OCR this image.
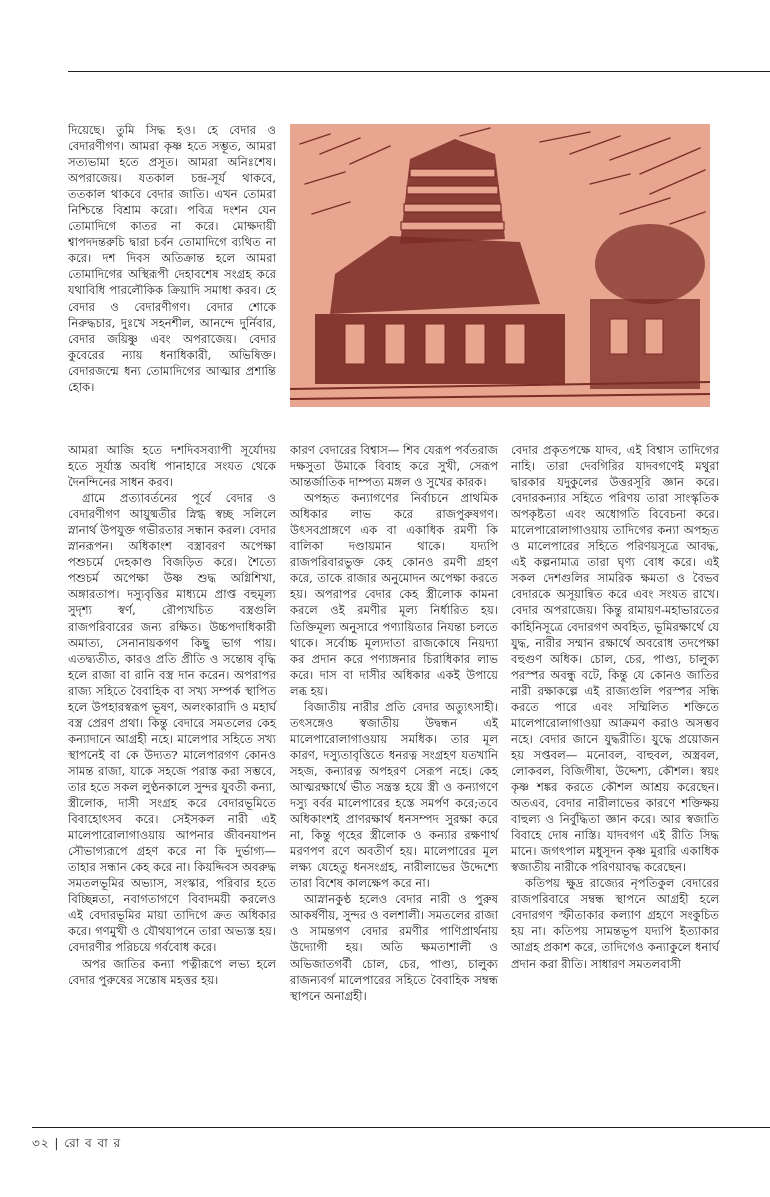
দিয়েছে। তুমি সিদ্ধ হও। হে বেদার ও বেদারণীগণ। আমরা কৃষ্ণ হতে সম্ভূত, আমরা সত্যভামা হতে প্রসূত। আমরা অনিঃশেষ। অপরাজেয়। যতকাল চন্দ্র-সূর্য থাকবে, ততকাল থাকবে বেদার জাতি। এখন তোমরা নিশ্চিন্তে বিশ্রাম করো। পবিত্র দংশন যেন তোমাদিগে কাতর না করে। মোক্ষদায়ী শ্বাপদদন্তরুচি দ্বারা চর্বন তোমাদিগে ব্যথিত না করে। দশ দিবস অতিক্রান্ত হলে আমরা তোমাদিগের অস্থিরূপী দেহাবশেষ সংগ্রহ করে যথাবিধি পারলৌকিক ক্রিয়াদি সমাধা করব। হে বেদার ও বেদারণীগণ। বেদার শোকে নিরুদ্ধচার, দুঃখে সহনশীল, আনন্দে দুর্নিবার, বেদার জয়িষ্ণু এবং অপরাজেয়। বেদার কুবেরের ন্যায় ধনাধিকারী, অভিষিক্ত। বেদারজন্মে ধন্য তোমাদিগের আত্মার প্রশান্তি হোক।

আমরা আজি হতে দশদিবসব্যাপী সূর্যোদয় হতে সূর্যাস্ত অবধি পানাহারে সংযত থেকে দৈনন্দিনের সাধন করব।

গ্রামে প্রত্যাবর্তনের পূর্বে বেদার ও বেদারণীগণ আয়ুষ্মতীর স্নিগ্ধ স্বচ্ছ সলিলে স্নানার্থ উপযুক্ত গভীরতার সন্ধান করল। বেদার স্নানরূপন। অধিকাংশ বস্ত্রাবরণ অপেক্ষা পশুচর্মে দেহকাণ্ড বিজড়িত করে। শৈত্যে পশুচর্ম অপেক্ষা উষ্ণ শুদ্ধ অগ্নিশিখা, অঙ্গারতাপ। দস্যুবৃত্তির মাধ্যমে প্রাপ্ত বহুমূল্য সুদৃশ্য স্বর্ণ, রৌপ্যখচিত বস্ত্রগুলি রাজপরিবারের জন্য রক্ষিত। উচ্চপদাধিকারী অমাত্য, সেনানায়কগণ কিছু ভাগ পায়। এতদ্ব্যতীত, কারও প্রতি প্রীতি ও সন্তোষ বৃদ্ধি হলে রাজা বা রানি বস্ত্র দান করেন। অপরাপর রাজ্য সহিতে বৈবাহিক বা সখ্য সম্পর্ক স্থাপিত হলে উপহারস্বরূপ ভূষণ, অলংকারাদি ও মহার্ঘ বস্ত্র প্রেরণ প্রথা। কিন্তু বেদারে সমতলের কেহ কন্যাদানে আগ্রহী নহে। মালেপার সহিতে সখ্য স্থাপনেই বা কে উদ্যত? মালেপারগণ কোনও সামন্ত রাজা, যাকে সহজে পরাস্ত করা সম্ভবে, তার হতে সকল লুণ্ঠনকালে সুন্দর যুবতী কন্যা, স্ত্রীলোক, দাসী সংগ্রহ করে বেদারভূমিতে বিবাহোৎসব করে। সেইসকল নারী এই মালেপারোলাগাওয়ায় আপনার জীবনযাপন সৌভাগ্যরূপে গ্রহণ করে না কি দুর্ভাগ্য— তাহার সন্ধান কেহ করে না। কিয়দ্দিবস অবরুদ্ধ সমতলভূমির অভ্যাস, সংস্কার, পরিবার হতে বিচ্ছিন্নতা, নবাগতাগণে বিবাদময়ী করলেও এই বেদারভূমির মায়া তাদিগে ক্রত অধিকার করে। গণমুখী ও যৌথযাপনে তারা অভ্যস্ত হয়। বেদারণীর পরিচয়ে গর্ববোধ করে।

অপর জাতির কন্যা পত্নীরূপে লভ্য হলে বেদার পুরুষের সন্তোষ মহত্তর হয়।

কারণ বেদারের বিশ্বাস— শিব যেরূপ পর্বতরাজ দক্ষসুতা উমাকে বিবাহ করে সুখী, সেরূপ আন্তর্জাতিক দাম্পত্য মঙ্গল ও সুখের কারক।

অপহৃত কন্যাগণের নির্বাচনে প্রাথমিক অধিকার লাভ করে রাজপুরুষগণ। উৎসবপ্রাঙ্গণে এক বা একাধিক রমণী কি বালিকা দণ্ডায়মান থাকে। যদ্যপি রাজপরিবারভুক্ত কেহ কোনও রমণী গ্রহণ করে, তাকে রাজার অনুমোদন অপেক্ষা করতে হয়। অপরাপর বেদার কেহ স্ত্রীলোক কামনা করলে ওই রমণীর মূল্য নির্ধারিত হয়। তিক্তিমূল্য অনুসারে পণ্যায়িতার নিযন্তা চলতে থাকে। সর্বোচ্চ মূল্যদাতা রাজকোষে নিয়দ্যা কর প্রদান করে পণ্যাঙ্গনার চিরাধিকার লাভ করে। দাস বা দাসীর অধিকার একই উপায়ে লব্ধ হয়।

বিজাতীয় নারীর প্রতি বেদার অত্যুৎসাহী। তৎসঙ্গেও স্বজাতীয় উদ্বন্ধন এই মালেপারোলাগাওয়ায় সমধিক। তার মূল কারণ, দস্যুতাবৃত্তিতে ধনরত্ন সংগ্রহণ যতখানি সহজ, কন্যারত্ন অপহরণ সেরূপ নহে। কেহ আত্মরক্ষার্থে ভীত সন্ত্রস্ত হয়ে স্ত্রী ও কন্যাগণে দস্যু বর্বর মালেপারের হস্তে সমর্পণ করে;তবে অধিকাংশই প্রাণরক্ষার্থ ধনসম্পদ সুরক্ষা করে না, কিন্তু গৃহের স্ত্রীলোক ও কন্যার রক্ষণার্থ মরণপণ রণে অবতীর্ণ হয়। মালেপারের মূল লক্ষ্য যেহেতু ধনসংগ্রহ, নারীলাভের উদ্দেশ্যে তারা বিশেষ কালক্ষেপ করে না।

আস্নানকুণ্ঠ হলেও বেদার নারী ও পুরুষ আকর্ষণীয়, সুন্দর ও বলশালী। সমতলের রাজা ও সামন্তগণ বেদার রমণীর পাণিপ্রার্থনায় উদ্যোগী হয়। অতি ক্ষমতাশালী ও অভিজাতগর্বী চোল, চের, পাণ্ড্য, চালুক্য রাজন্যবর্গ মালেপারের সহিতে বৈবাহিক সম্বন্ধ স্থাপনে অনাগ্রহী।

বেদার প্রকৃতপক্ষে যাদব, এই বিশ্বাস তাদিগের নাহি। তারা দেবগিরির যাদবগণেই মথুরা দ্বারকার যদুকুলের উত্তরসূরি জ্ঞান করে। বেদারকন্যার সহিতে পরিণয় তারা সাংস্কৃতিক অপকৃষ্টতা এবং অধোগতি বিবেচনা করে। মালেপারোলাগাওয়ায় তাদিগের কন্যা অপহৃত ও মালেপারের সহিতে পরিণয়সূত্রে আবদ্ধ, এই কল্পনামাত্র তারা ঘৃণ্য বোধ করে। এই সকল দেশগুলির সামরিক ক্ষমতা ও বৈভব বেদারকে অসূয়ান্বিত করে এবং সংযত রাখে। বেদার অপরাজেয়। কিন্তু রামায়ণ-মহাভারতের কাহিনিসূত্রে বেদারগণ অবহিত, ভূমিরক্ষার্থে যে যুদ্ধ, নারীর সম্মান রক্ষার্থে অবরোধ তদপেক্ষা বহুগুণ অধিক। চোল, চের, পাণ্ড্য, চালুক্য পরস্পর অবন্ধু বটে, কিন্তু যে কোনও জাতির নারী রক্ষাকল্পে এই রাজ্যগুলি পরস্পর সন্ধি করতে পারে এবং সম্মিলিত শক্তিতে মালেপারোলাগাওয়া আক্রমণ করাও অসম্ভব নহে। বেদার জানে যুদ্ধরীতি। যুদ্ধে প্রয়োজন হয় সপ্তবল— মনোবল, বাহুবল, অস্ত্রবল, লোকবল, বিজিগীষা, উদ্দেশ্য, কৌশল। স্বয়ং কৃষ্ণ শঙ্কর করতে কৌশল আশ্রয় করেছেন। অতএব, বেদার নারীলাভের কারণে শক্তিক্ষয় বাহুল্য ও নির্বুদ্ধিতা জ্ঞান করে। আর স্বজাতি বিবাহে দোষ নাস্তি। যাদবগণ এই রীতি সিদ্ধ মানে। জগৎপাল মধুসূদন কৃষ্ণ মুরারি একাধিক স্বজাতীয় নারীকে পরিণয়াবদ্ধ করেছেন।

কতিপয় ক্ষুদ্র রাজ্যের নৃপতিকুল বেদারের রাজপরিবারে সম্বন্ধ স্থাপনে আগ্রহী হলে বেদারগণ স্ফীতাকার কল্যাণ গ্রহণে সংকুচিত হয় না। কতিপয় সামন্তভূপ যদ্যপি ইত্যাকার আগ্রহ প্রকাশ করে, তাদিগেও কন্যাকুলে ধনার্ঘ প্রদান করা রীতি। সাধারণ সমতলবাসী

৩২ | রো ব বা র
